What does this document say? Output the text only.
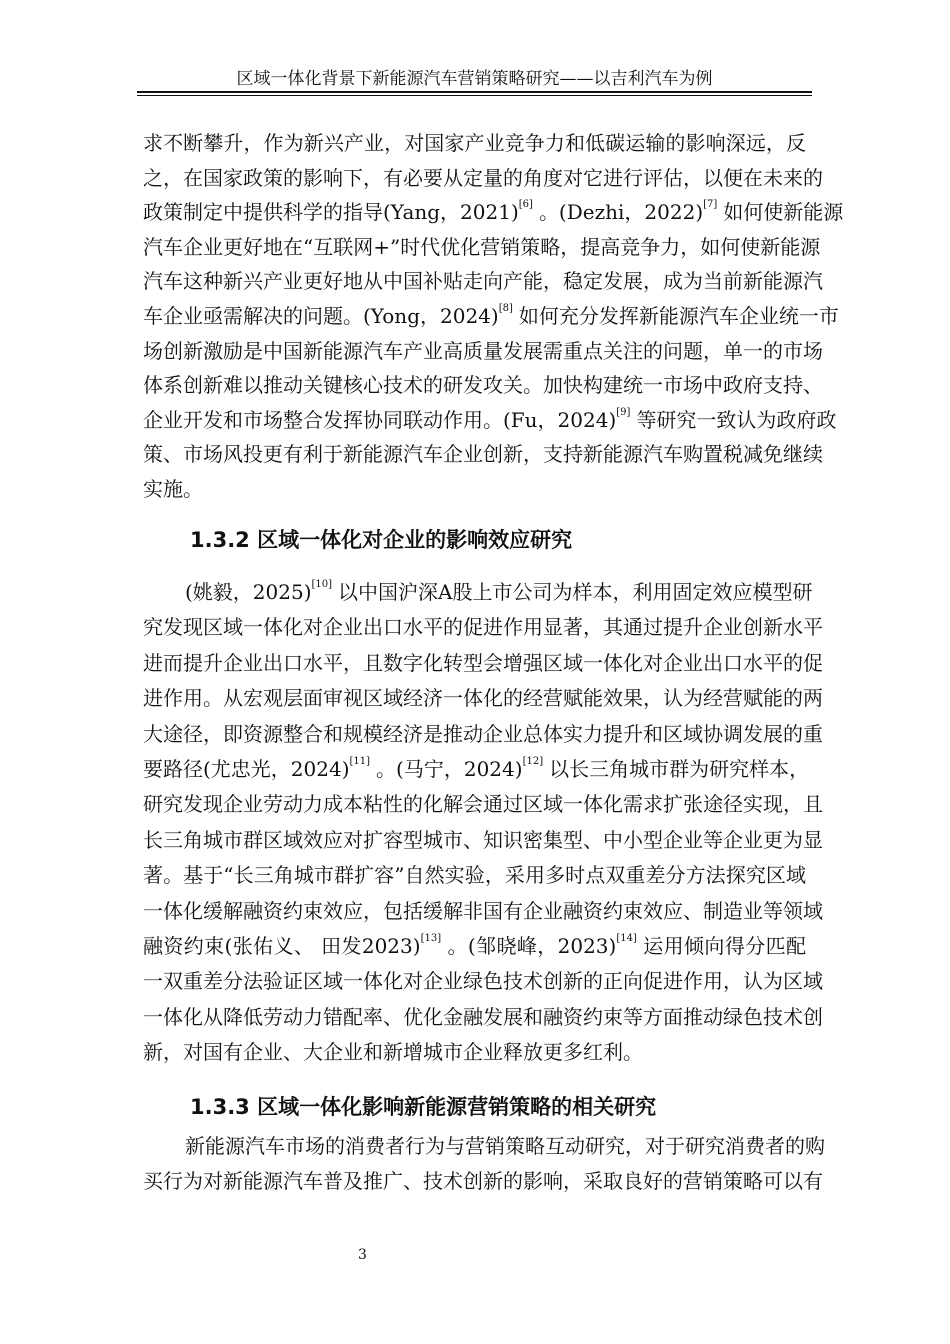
区域一体化背景下新能源汽车营销策略研究——以吉利汽车为例
求不断攀升，作为新兴产业，对国家产业竞争力和低碳运输的影响深远，反
之，在国家政策的影响下，有必要从定量的角度对它进行评估，以便在未来的
政策制定中提供科学的指导(Yang，2021)[6] 。(Dezhi，2022)[7] 如何使新能源
汽车企业更好地在“互联网+”时代优化营销策略，提高竞争力，如何使新能源
汽车这种新兴产业更好地从中国补贴走向产能，稳定发展，成为当前新能源汽
车企业亟需解决的问题。(Yong，2024)[8] 如何充分发挥新能源汽车企业统一市
场创新激励是中国新能源汽车产业高质量发展需重点关注的问题，单一的市场
体系创新难以推动关键核心技术的研发攻关。加快构建统一市场中政府支持、
企业开发和市场整合发挥协同联动作用。(Fu，2024)[9] 等研究一致认为政府政
策、市场风投更有利于新能源汽车企业创新，支持新能源汽车购置税减免继续
实施。
1.3.2 区域一体化对企业的影响效应研究
(姚毅，2025)[10] 以中国沪深A股上市公司为样本，利用固定效应模型研
究发现区域一体化对企业出口水平的促进作用显著，其通过提升企业创新水平
进而提升企业出口水平，且数字化转型会增强区域一体化对企业出口水平的促
进作用。从宏观层面审视区域经济一体化的经营赋能效果，认为经营赋能的两
大途径，即资源整合和规模经济是推动企业总体实力提升和区域协调发展的重
要路径(尤忠光，2024)[11] 。(马宁，2024)[12] 以长三角城市群为研究样本，
研究发现企业劳动力成本粘性的化解会通过区域一体化需求扩张途径实现，且
长三角城市群区域效应对扩容型城市、知识密集型、中小型企业等企业更为显
著。基于“长三角城市群扩容”自然实验，采用多时点双重差分方法探究区域
一体化缓解融资约束效应，包括缓解非国有企业融资约束效应、制造业等领域
融资约束(张佑义、 田发2023)[13] 。(邹晓峰，2023)[14] 运用倾向得分匹配
一双重差分法验证区域一体化对企业绿色技术创新的正向促进作用，认为区域
一体化从降低劳动力错配率、优化金融发展和融资约束等方面推动绿色技术创
新，对国有企业、大企业和新增城市企业释放更多红利。
1.3.3 区域一体化影响新能源营销策略的相关研究
新能源汽车市场的消费者行为与营销策略互动研究，对于研究消费者的购
买行为对新能源汽车普及推广、技术创新的影响，采取良好的营销策略可以有
3
